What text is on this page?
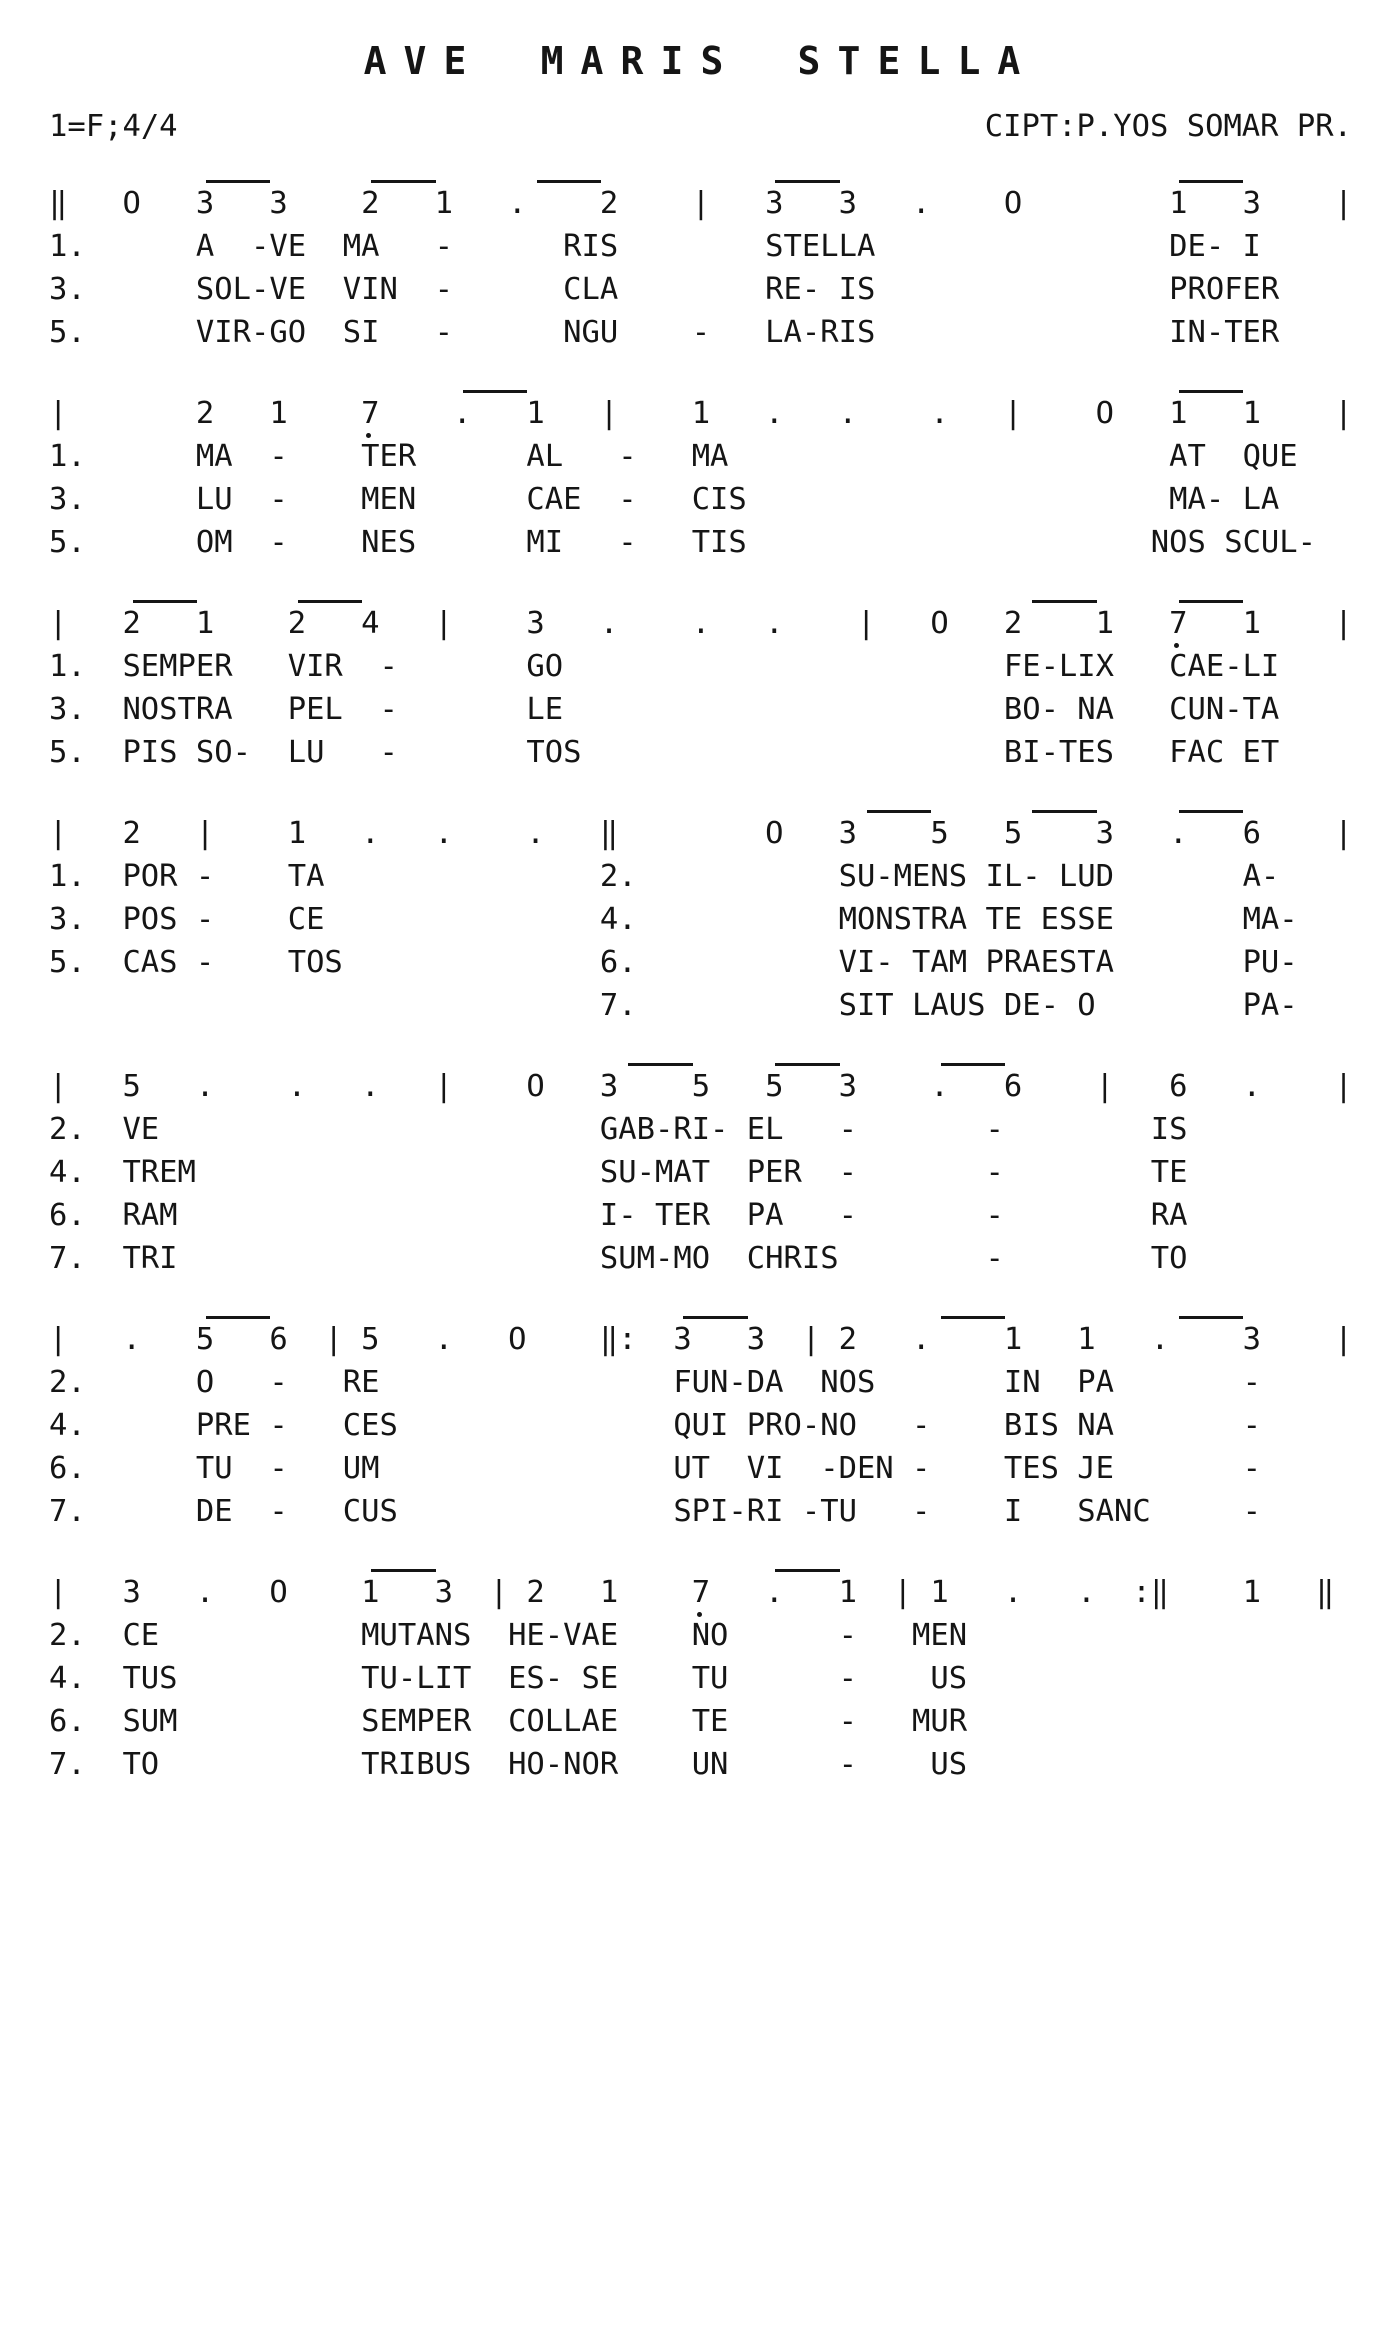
AVE MARIS STELLA
1=F;4/4	CIPT:P.YOS SOMAR PR.
‖ O 3 3 2 1 . 2 | 3 3 . O	1 3 |
1.	A -VE MA -	RIS	STELLA	DE- I
3.	SOL-VE VIN -	CLA	RE- IS	PROFER
5.	VIR-GO SI -	NGU - LA-RIS	IN-TER
|	2 1 7 . 1 | 1 . . . | O 1 1 |
1.	MA - TER	AL - MA	AT QUE
3.	LU - MEN	CAE - CIS	MA- LA
5.	OM - NES	MI - TIS	NOS SCUL-
| 2 1 2 4 | 3 . . . | O 2 1 7 1 |
1. SEMPER VIR -	GO	FE-LIX CAE-LI
3. NOSTRA PEL -	LE	BO- NA CUN-TA
5. PIS SO- LU -	TOS	BI-TES FAC ET
| 2 | 1 . . . ‖	O 3 5 5 3 . 6 |
1. POR - TA	2.	SU-MENS IL- LUD	A-
3. POS - CE	4.	MONSTRA TE ESSE	MA-
5. CAS - TOS	6.	VI- TAM PRAESTA	PU-
7.	SIT LAUS DE- O	PA-
| 5 . . . | O 3 5 5 3 . 6 | 6 . |
2. VE	GAB-RI- EL -	-	IS
4. TREM	SU-MAT PER -	-	TE
6. RAM	I- TER PA -	-	RA
7. TRI	SUM-MO CHRIS	-	TO
| . 5 6 | 5 . O ‖: 3 3 | 2 . 1 1 . 3 |
2.	O - RE	FUN-DA NOS	IN PA	-
4.	PRE - CES	QUI PRO-NO - BIS NA	-
6.	TU - UM	UT VI -DEN - TES JE	-
7.	DE - CUS	SPI-RI -TU - I SANC	-
| 3 . O 1 3 | 2 1 7 . 1 | 1 . . :‖ 1 ‖
2. CE	MUTANS HE-VAE NO	- MEN
4. TUS	TU-LIT ES- SE TU	- US
6. SUM	SEMPER COLLAE TE	- MUR
7. TO	TRIBUS HO-NOR UN	- US
